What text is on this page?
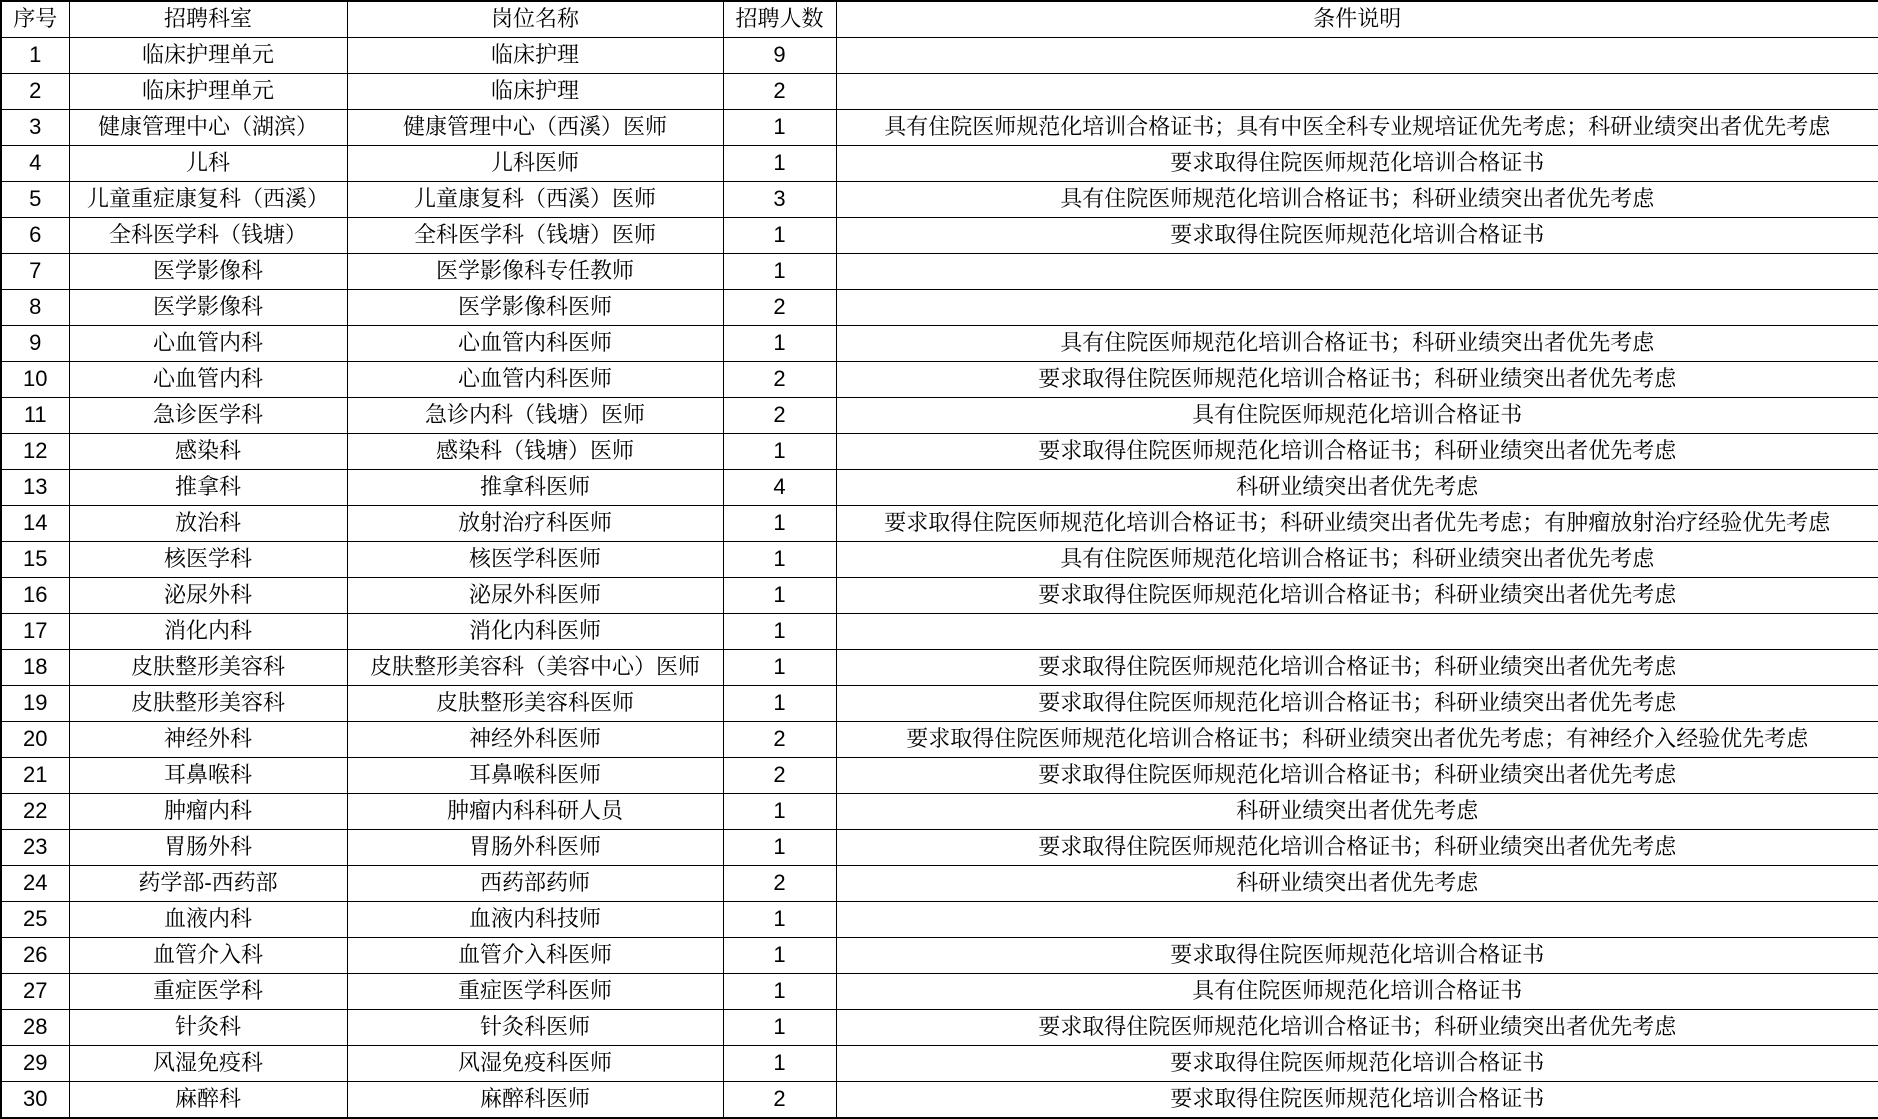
序号	招聘科室	岗位名称	招聘人数	条件说明
1	临床护理单元	临床护理	9	
2	临床护理单元	临床护理	2	
3	健康管理中心（湖滨）	健康管理中心（西溪）医师	1	具有住院医师规范化培训合格证书；具有中医全科专业规培证优先考虑；科研业绩突出者优先考虑
4	儿科	儿科医师	1	要求取得住院医师规范化培训合格证书
5	儿童重症康复科（西溪）	儿童康复科（西溪）医师	3	具有住院医师规范化培训合格证书；科研业绩突出者优先考虑
6	全科医学科（钱塘）	全科医学科（钱塘）医师	1	要求取得住院医师规范化培训合格证书
7	医学影像科	医学影像科专任教师	1	
8	医学影像科	医学影像科医师	2	
9	心血管内科	心血管内科医师	1	具有住院医师规范化培训合格证书；科研业绩突出者优先考虑
10	心血管内科	心血管内科医师	2	要求取得住院医师规范化培训合格证书；科研业绩突出者优先考虑
11	急诊医学科	急诊内科（钱塘）医师	2	具有住院医师规范化培训合格证书
12	感染科	感染科（钱塘）医师	1	要求取得住院医师规范化培训合格证书；科研业绩突出者优先考虑
13	推拿科	推拿科医师	4	科研业绩突出者优先考虑
14	放治科	放射治疗科医师	1	要求取得住院医师规范化培训合格证书；科研业绩突出者优先考虑；有肿瘤放射治疗经验优先考虑
15	核医学科	核医学科医师	1	具有住院医师规范化培训合格证书；科研业绩突出者优先考虑
16	泌尿外科	泌尿外科医师	1	要求取得住院医师规范化培训合格证书；科研业绩突出者优先考虑
17	消化内科	消化内科医师	1	
18	皮肤整形美容科	皮肤整形美容科（美容中心）医师	1	要求取得住院医师规范化培训合格证书；科研业绩突出者优先考虑
19	皮肤整形美容科	皮肤整形美容科医师	1	要求取得住院医师规范化培训合格证书；科研业绩突出者优先考虑
20	神经外科	神经外科医师	2	要求取得住院医师规范化培训合格证书；科研业绩突出者优先考虑；有神经介入经验优先考虑
21	耳鼻喉科	耳鼻喉科医师	2	要求取得住院医师规范化培训合格证书；科研业绩突出者优先考虑
22	肿瘤内科	肿瘤内科科研人员	1	科研业绩突出者优先考虑
23	胃肠外科	胃肠外科医师	1	要求取得住院医师规范化培训合格证书；科研业绩突出者优先考虑
24	药学部-西药部	西药部药师	2	科研业绩突出者优先考虑
25	血液内科	血液内科技师	1	
26	血管介入科	血管介入科医师	1	要求取得住院医师规范化培训合格证书
27	重症医学科	重症医学科医师	1	具有住院医师规范化培训合格证书
28	针灸科	针灸科医师	1	要求取得住院医师规范化培训合格证书；科研业绩突出者优先考虑
29	风湿免疫科	风湿免疫科医师	1	要求取得住院医师规范化培训合格证书
30	麻醉科	麻醉科医师	2	要求取得住院医师规范化培训合格证书
